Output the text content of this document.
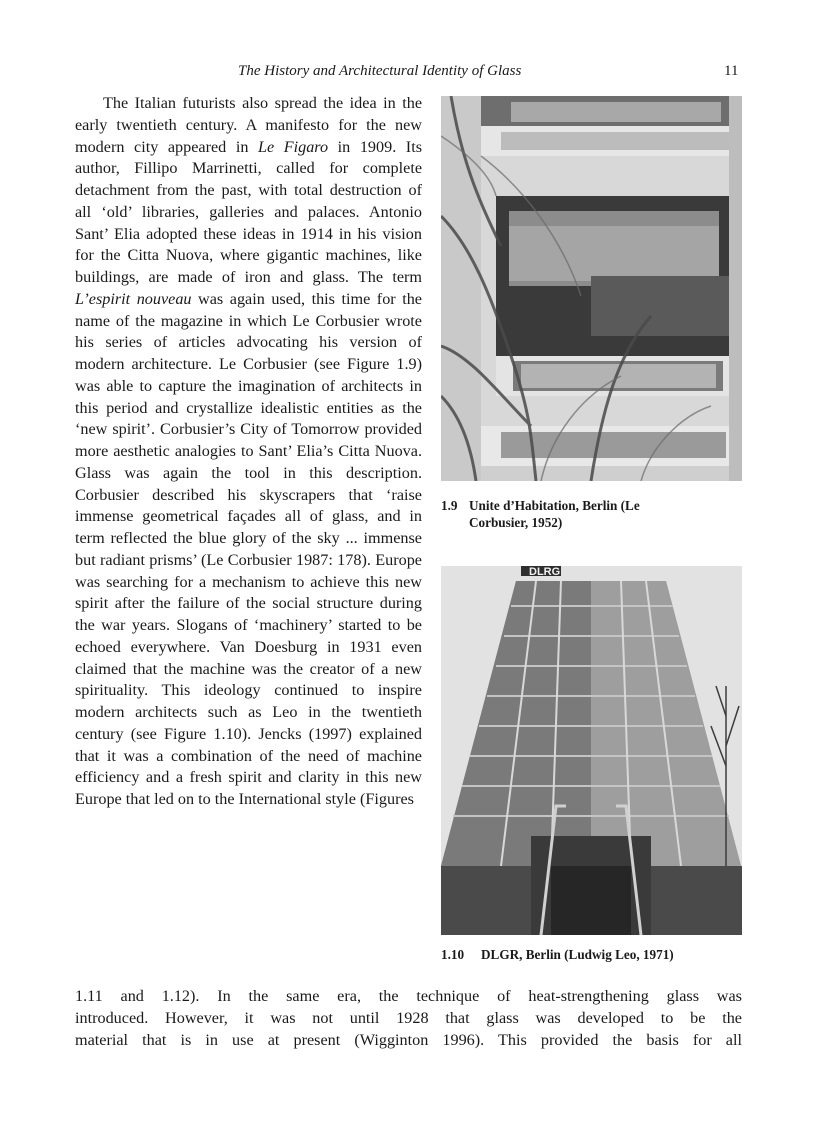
The History and Architectural Identity of Glass	11

The Italian futurists also spread the idea in the early twentieth century. A manifesto for the new modern city appeared in Le Figaro in 1909. Its author, Fillipo Marrinetti, called for complete detachment from the past, with total destruction of all ‘old’ libraries, galleries and palaces. Antonio Sant’ Elia adopted these ideas in 1914 in his vision for the Citta Nuova, where gigantic machines, like buildings, are made of iron and glass. The term L’espirit nouveau was again used, this time for the name of the magazine in which Le Corbusier wrote his series of articles advocating his version of modern architecture. Le Corbusier (see Figure 1.9) was able to capture the imagination of architects in this period and crystallize idealistic entities as the ‘new spirit’. Corbusier’s City of Tomorrow provided more aesthetic analogies to Sant’ Elia’s Citta Nuova. Glass was again the tool in this description. Corbusier described his skyscrapers that ‘raise immense geometrical façades all of glass, and in term reflected the blue glory of the sky ... immense but radiant prisms’ (Le Corbusier 1987: 178). Europe was searching for a mechanism to achieve this new spirit after the failure of the social structure during the war years. Slogans of ‘machinery’ started to be echoed everywhere. Van Doesburg in 1931 even claimed that the machine was the creator of a new spirituality. This ideology continued to inspire modern architects such as Leo in the twentieth century (see Figure 1.10). Jencks (1997) explained that it was a combination of the need of machine efficiency and a fresh spirit and clarity in this new Europe that led on to the International style (Figures

1.11 and 1.12). In the same era, the technique of heat-strengthening glass was
introduced. However, it was not until 1928 that glass was developed to be the
material that is in use at present (Wigginton 1996). This provided the basis for all
1.9 Unite d’Habitation, Berlin (Le
Corbusier, 1952)
DLRG
1.10 DLGR, Berlin (Ludwig Leo, 1971)
